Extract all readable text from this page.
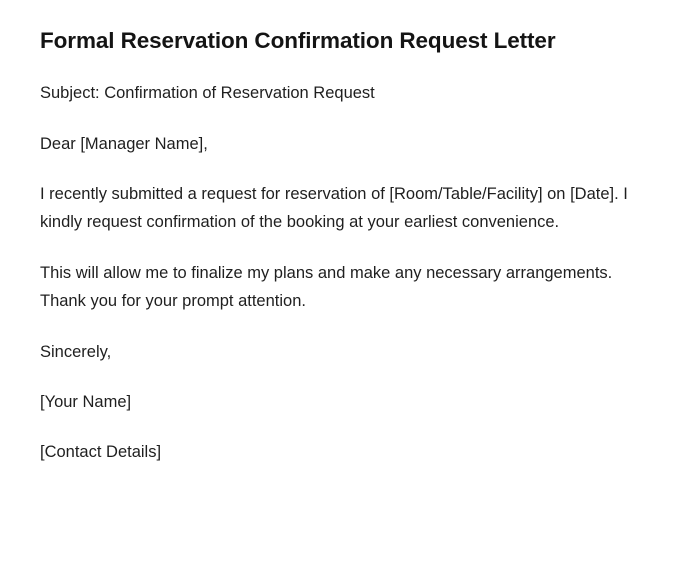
Formal Reservation Confirmation Request Letter

Subject: Confirmation of Reservation Request

Dear [Manager Name],

I recently submitted a request for reservation of [Room/Table/Facility] on [Date]. I kindly request confirmation of the booking at your earliest convenience.

This will allow me to finalize my plans and make any necessary arrangements. Thank you for your prompt attention.

Sincerely,

[Your Name]

[Contact Details]
